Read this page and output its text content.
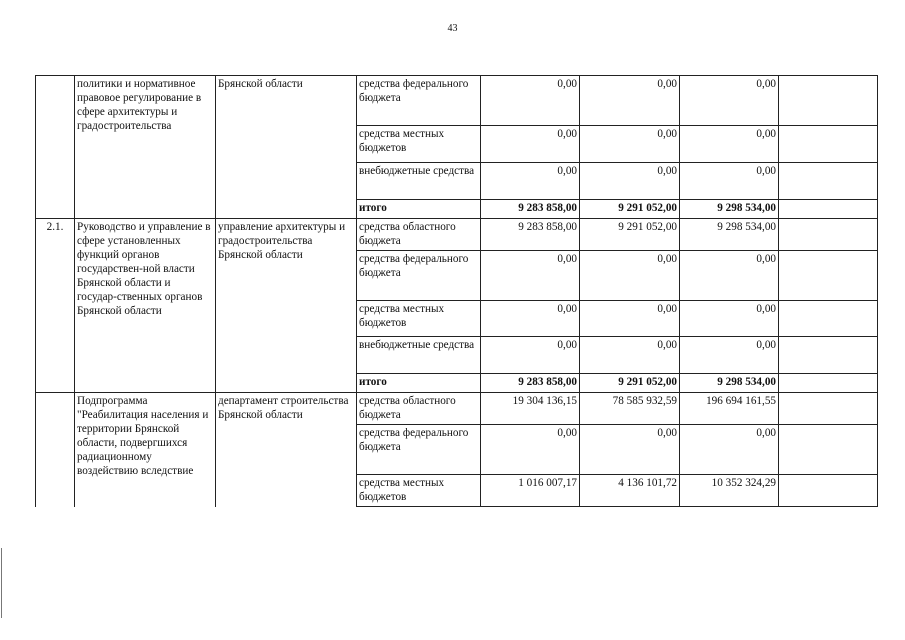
43
	политики и нормативное правовое регулирование в сфере архитектуры и градостроительства	Брянской области	средства федерального бюджета	0,00	0,00	0,00	
			средства местных бюджетов	0,00	0,00	0,00	
			внебюджетные средства	0,00	0,00	0,00	
			итого	9 283 858,00	9 291 052,00	9 298 534,00	
2.1.	Руководство и управление в сфере установленных функций органов государствен-ной власти Брянской области и государ-ственных органов Брянской области	управление архитектуры и градостроительства Брянской области	средства областного бюджета	9 283 858,00	9 291 052,00	9 298 534,00	
			средства федерального бюджета	0,00	0,00	0,00	
			средства местных бюджетов	0,00	0,00	0,00	
			внебюджетные средства	0,00	0,00	0,00	
			итого	9 283 858,00	9 291 052,00	9 298 534,00	
	Подпрограмма "Реабилитация населения и территории Брянской области, подвергшихся радиационному воздействию вследствие	департамент строительства Брянской области	средства областного бюджета	19 304 136,15	78 585 932,59	196 694 161,55	
			средства федерального бюджета	0,00	0,00	0,00	
			средства местных бюджетов	1 016 007,17	4 136 101,72	10 352 324,29	
